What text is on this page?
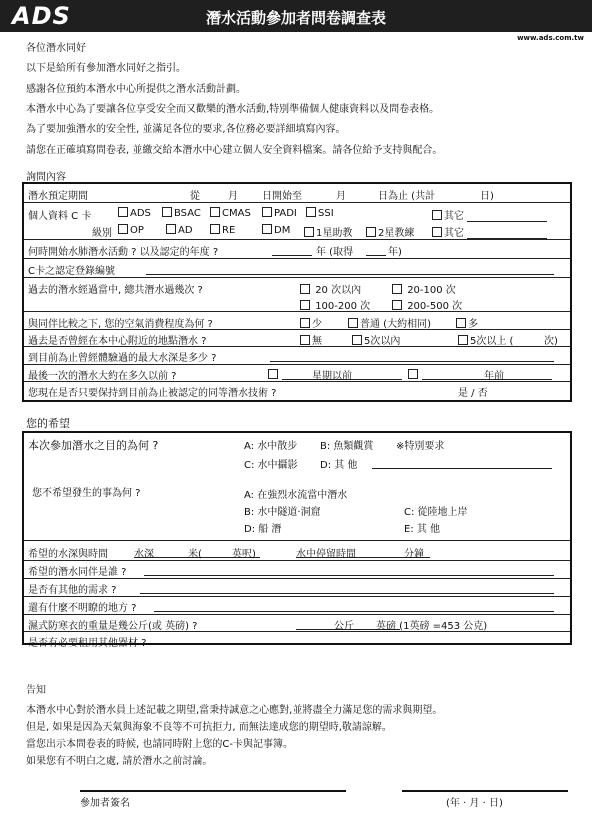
ADS	潛水活動參加者問卷調查表
www.ads.com.tw
各位潛水同好
以下是給所有參加潛水同好之指引。
感謝各位預約本潛水中心所提供之潛水活動計劃。
本潛水中心為了要讓各位享受安全而又歡樂的潛水活動,特別準備個人健康資料以及問卷表格。
為了要加強潛水的安全性, 並滿足各位的要求,各位務必要詳細填寫內容。
請您在正確填寫問卷表, 並繳交給本潛水中心建立個人安全資料檔案。請各位給予支持與配合。
詢問內容
潛水預定期間	從	月 日開始至	月	日為止 (共計	日)
個人資料 C 卡	ADS	BSAC	CMAS	PADI	SSI	其它
級別	OP	AD	RE	DM	1星助教	2星教練	其它
何時開始水肺潛水活動 ? 以及認定的年度 ?	年 (取得	年)
C卡之認定登錄編號
過去的潛水經過當中, 總共潛水過幾次 ?	20 次以內	20-100 次
100-200 次	200-500 次
與同伴比較之下, 您的空氣消費程度為何 ?	少	普通 (大約相同)	多
過去是否曾經在本中心附近的地點潛水 ?	無	5次以內	5次以上 (	次)
到目前為止曾經體驗過的最大水深是多少 ?
最後一次的潛水大約在多久以前 ?	星期以前	年前
您現在是否只要保持到目前為止被認定的同等潛水技術 ?	是 / 否
您的希望
本次參加潛水之目的為何 ?	A: 水中散步 B: 魚類觀賞 ※特別要求
C: 水中攝影 D: 其 他
您不希望發生的事為何 ?	A: 在強烈水流當中潛水
B: 水中隧道‧洞窟	C: 從陸地上岸
D: 船 潛	E: 其 他
希望的水深與時間	水深	米(	英呎)	水中停留時間	分鐘
希望的潛水同伴是誰 ?
是否有其他的需求 ?
還有什麼不明瞭的地方 ?
濕式防寒衣的重量是幾公斤(或 英磅) ?	公斤 英磅 (1英磅 =453 公克)
是否有必要租用其他器材 ?
告知
本潛水中心對於潛水員上述記載之期望,當秉持誠意之心應對,並將盡全力滿足您的需求與期望。
但是, 如果是因為天氣與海象不良等不可抗拒力, 而無法達成您的期望時,敬請諒解。
當您出示本問卷表的時候, 也請同時附上您的C-卡與記事簿。
如果您有不明白之處, 請於潛水之前討論。
參加者簽名	(年 ‧ 月 ‧ 日)
